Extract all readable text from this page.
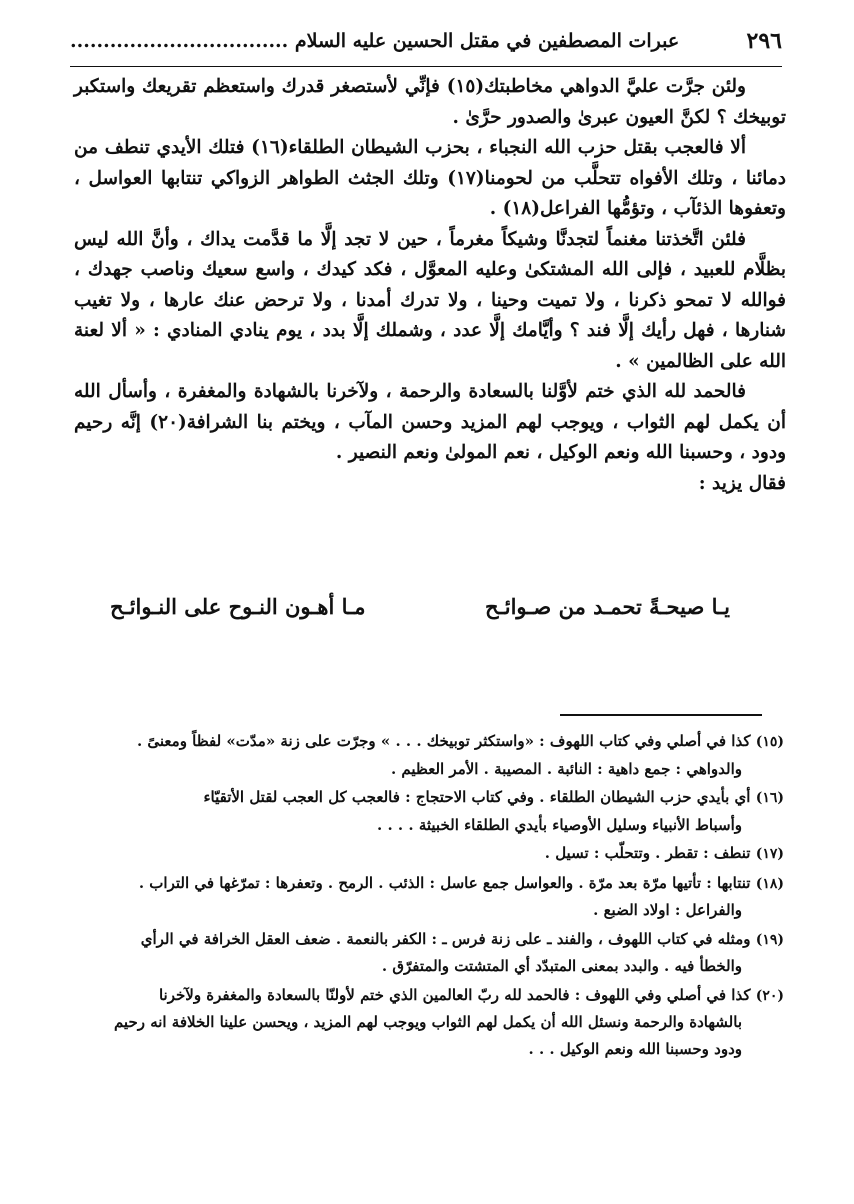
٢٩٦
عبرات المصطفين في مقتل الحسين عليه السلام .................................

ولئن جرَّت عليَّ الدواهي مخاطبتك(١٥) فإنِّي لأستصغر قدرك واستعظم تقريعك واستكبر توبيخك ؟ لكنَّ العيون عبرىٰ والصدور حرَّىٰ .

ألا فالعجب بقتل حزب الله النجباء ، بحزب الشيطان الطلقاء(١٦) فتلك الأيدي تنطف من دمائنا ، وتلك الأفواه تتحلَّب من لحومنا(١٧) وتلك الجثث الطواهر الزواكي تنتابها العواسل ، وتعفوها الذئآب ، وتؤمُّها الفراعل(١٨) .

فلئن اتَّخذتنا مغنماً لتجدنَّا وشيكاً مغرماً ، حين لا تجد إلَّا ما قدَّمت يداك ، وأنَّ الله ليس بظلَّام للعبيد ، فإلى الله المشتكىٰ وعليه المعوَّل ، فكد كيدك ، واسع سعيك وناصب جهدك ، فوالله لا تمحو ذكرنا ، ولا تميت وحينا ، ولا تدرك أمدنا ، ولا ترحض عنك عارها ، ولا تغيب شنارها ، فهل رأيك إلَّا فند ؟ وأيَّامك إلَّا عدد ، وشملك إلَّا بدد ، يوم ينادي المنادي : « ألا لعنة الله على الظالمين » .

فالحمد لله الذي ختم لأوَّلنا بالسعادة والرحمة ، ولآخرنا بالشهادة والمغفرة ، وأسأل الله أن يكمل لهم الثواب ، ويوجب لهم المزيد وحسن المآب ، ويختم بنا الشرافة(٢٠) إنَّه رحيم ودود ، وحسبنا الله ونعم الوكيل ، نعم المولىٰ ونعم النصير .

فقال يزيد :

يـا صيحـةً تحمـد من صـوائـح
مـا أهـون النـوح على النـوائـح
(١٥) كذا في أصلي وفي كتاب اللهوف : «واستكثر توبيخك . . . » وجرّت على زنة «مدّت» لفظاً ومعنىً .
والدواهي : جمع داهية : النائبة . المصيبة . الأمر العظيم .
(١٦) أي بأيدي حزب الشيطان الطلقاء . وفي كتاب الاحتجاج : فالعجب كل العجب لقتل الأتقيّاء
وأسباط الأنبياء وسليل الأوصياء بأيدي الطلقاء الخبيثة . . . .
(١٧) تنطف : تقطر . وتتحلّب : تسيل .
(١٨) تنتابها : تأتيها مرّة بعد مرّة . والعواسل جمع عاسل : الذئب . الرمح . وتعفرها : تمرّغها في التراب .
والفراعل : اولاد الضبع .
(١٩) ومثله في كتاب اللهوف ، والفند ـ على زنة فرس ـ : الكفر بالنعمة . ضعف العقل الخرافة في الرأي
والخطأ فيه . والبدد بمعنى المتبدّد أي المتشتت والمتفرّق .
(٢٠) كذا في أصلي وفي اللهوف : فالحمد لله ربّ العالمين الذي ختم لأولنّا بالسعادة والمغفرة ولآخرنا
بالشهادة والرحمة ونسئل الله أن يكمل لهم الثواب ويوجب لهم المزيد ، ويحسن علينا الخلافة انه رحيم
ودود وحسبنا الله ونعم الوكيل . . .
